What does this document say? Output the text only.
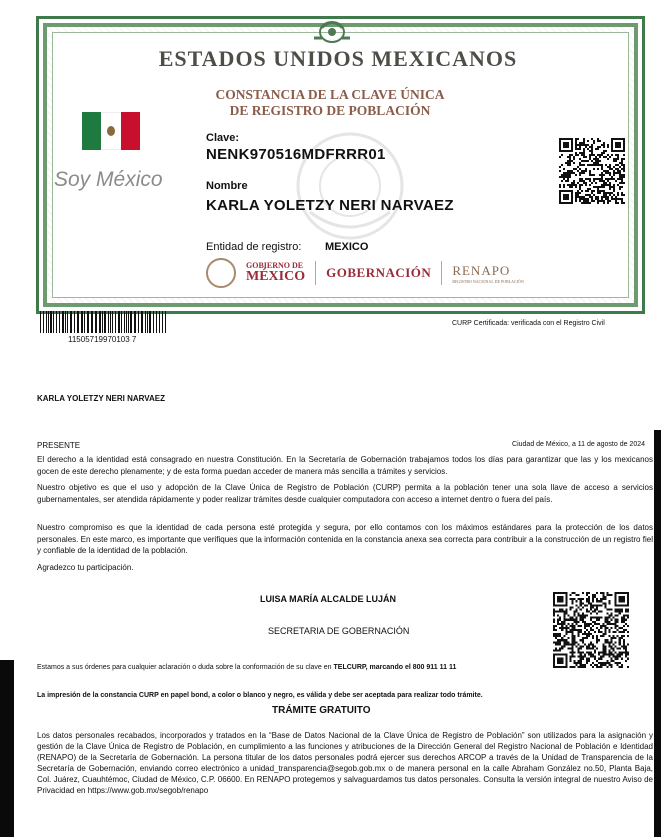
ESTADOS UNIDOS MEXICANOS
CONSTANCIA DE LA CLAVE ÚNICA
DE REGISTRO DE POBLACIÓN
Soy México
Clave:
NENK970516MDFRRR01
Nombre
KARLA YOLETZY NERI NARVAEZ
Entidad de registro: MEXICO
GOBIERNO DE
MÉXICO GOBERNACIÓN RENAPO
REGISTRO NACIONAL DE POBLACIÓN
11505719970103 7
CURP Certificada: verificada con el Registro Civil
KARLA YOLETZY NERI NARVAEZ
PRESENTE	Ciudad de México, a 11 de agosto de 2024
El derecho a la identidad está consagrado en nuestra Constitución. En la Secretaría de Gobernación trabajamos todos los días para garantizar que las y los mexicanos gocen de este derecho plenamente; y de esta forma puedan acceder de manera más sencilla a trámites y servicios.
Nuestro objetivo es que el uso y adopción de la Clave Única de Registro de Población (CURP) permita a la población tener una sola llave de acceso a servicios gubernamentales, ser atendida rápidamente y poder realizar trámites desde cualquier computadora con acceso a internet dentro o fuera del país.
Nuestro compromiso es que la identidad de cada persona esté protegida y segura, por ello contamos con los máximos estándares para la protección de los datos personales. En este marco, es importante que verifiques que la información contenida en la constancia anexa sea correcta para contribuir a la construcción de un registro fiel y confiable de la identidad de la población.
Agradezco tu participación.
LUISA MARÍA ALCALDE LUJÁN
SECRETARIA DE GOBERNACIÓN
Estamos a sus órdenes para cualquier aclaración o duda sobre la conformación de su clave en TELCURP, marcando el 800 911 11 11
La impresión de la constancia CURP en papel bond, a color o blanco y negro, es válida y debe ser aceptada para realizar todo trámite.
TRÁMITE GRATUITO
Los datos personales recabados, incorporados y tratados en la “Base de Datos Nacional de la Clave Única de Registro de Población” son utilizados para la asignación y gestión de la Clave Única de Registro de Población, en cumplimiento a las funciones y atribuciones de la Dirección General del Registro Nacional de Población e Identidad (RENAPO) de la Secretaría de Gobernación. La persona titular de los datos personales podrá ejercer sus derechos ARCOP a través de la Unidad de Transparencia de la Secretaría de Gobernación, enviando correo electrónico a unidad_transparencia@segob.gob.mx o de manera personal en la calle Abraham González no.50, Planta Baja, Col. Juárez, Cuauhtémoc, Ciudad de México, C.P. 06600. En RENAPO protegemos y salvaguardamos tus datos personales. Consulta la versión integral de nuestro Aviso de Privacidad en https://www.gob.mx/segob/renapo
